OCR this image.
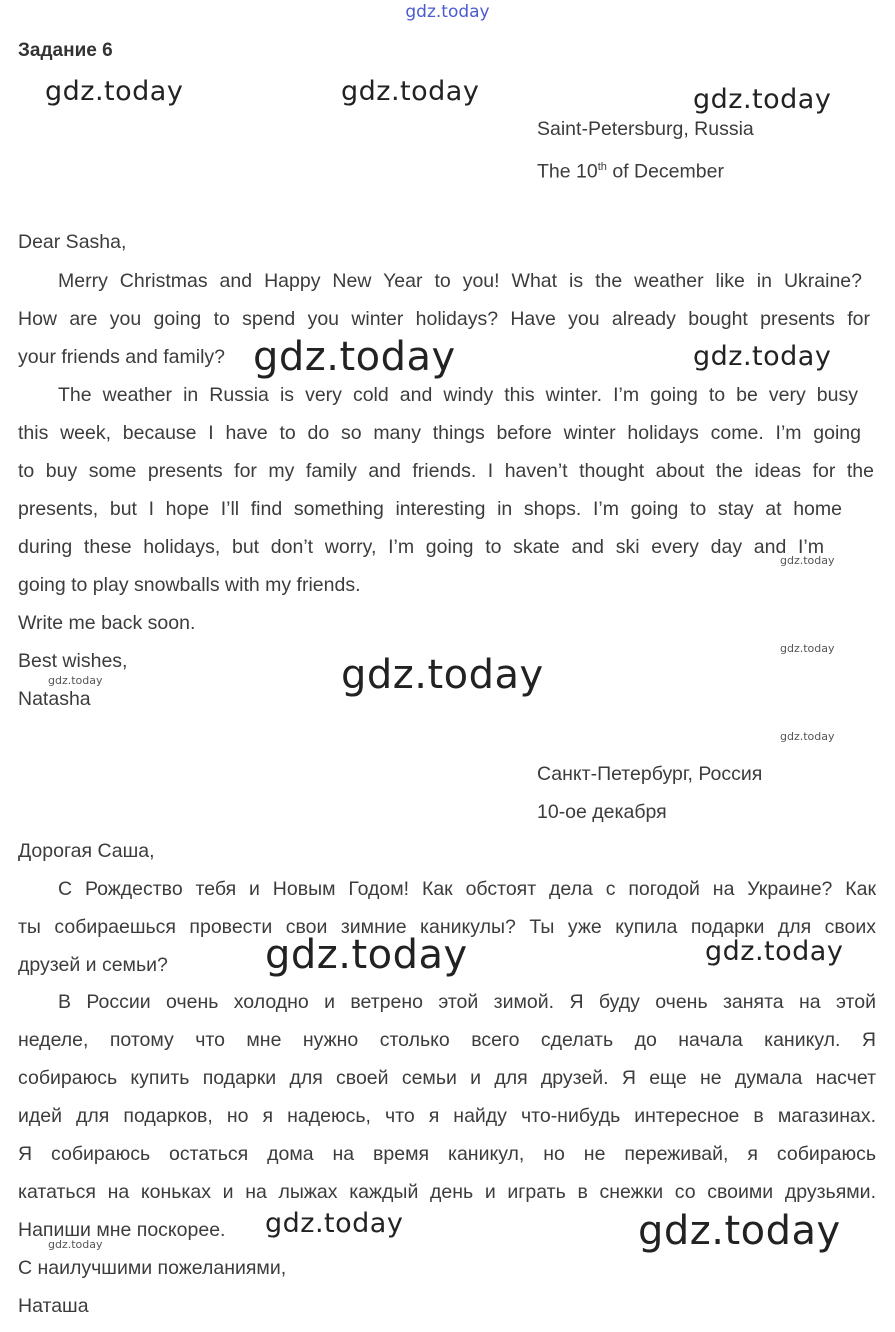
gdz.today
Задание 6
Saint-Petersburg, Russia
The 10th of December
Dear Sasha,
Merry Christmas and Happy New Year to you! What is the weather like in Ukraine?
How are you going to spend you winter holidays? Have you already bought presents for
your friends and family?
The weather in Russia is very cold and windy this winter. I’m going to be very busy
this week, because I have to do so many things before winter holidays come. I’m going
to buy some presents for my family and friends. I haven’t thought about the ideas for the
presents, but I hope I’ll find something interesting in shops. I’m going to stay at home
during these holidays, but don’t worry, I’m going to skate and ski every day and I’m
going to play snowballs with my friends.
Write me back soon.
Best wishes,
Natasha
Санкт-Петербург, Россия
10-ое декабря
Дорогая Саша,
С Рождество тебя и Новым Годом! Как обстоят дела с погодой на Украине? Как
ты собираешься провести свои зимние каникулы? Ты уже купила подарки для своих
друзей и семьи?
В России очень холодно и ветрено этой зимой. Я буду очень занята на этой
неделе, потому что мне нужно столько всего сделать до начала каникул. Я
собираюсь купить подарки для своей семьи и для друзей. Я еще не думала насчет
идей для подарков, но я надеюсь, что я найду что-нибудь интересное в магазинах.
Я собираюсь остаться дома на время каникул, но не переживай, я собираюсь
кататься на коньках и на лыжах каждый день и играть в снежки со своими друзьями.
Напиши мне поскорее.
С наилучшими пожеланиями,
Наташа
gdz.today	gdz.today	gdz.today
gdz.today	gdz.today
gdz.today
gdz.today
gdz.today	gdz.today
gdz.today
gdz.today	gdz.today
gdz.today	gdz.today
gdz.today
